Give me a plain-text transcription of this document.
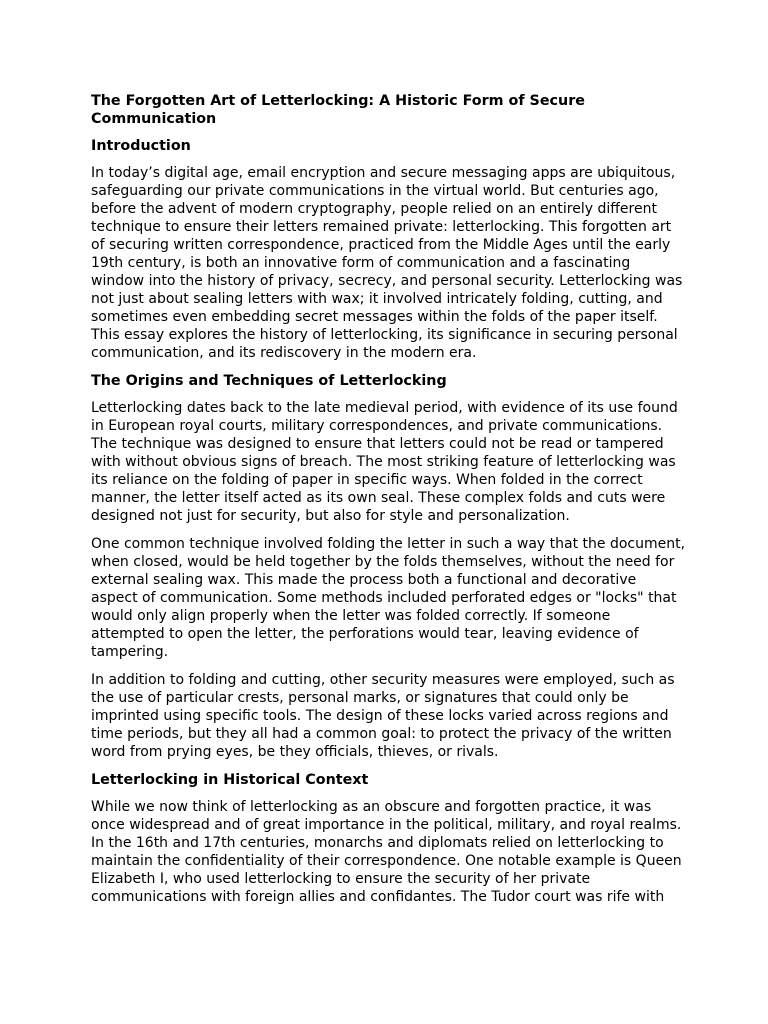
The Forgotten Art of Letterlocking: A Historic Form of Secure
Communication
Introduction

In today’s digital age, email encryption and secure messaging apps are ubiquitous,
safeguarding our private communications in the virtual world. But centuries ago,
before the advent of modern cryptography, people relied on an entirely different
technique to ensure their letters remained private: letterlocking. This forgotten art
of securing written correspondence, practiced from the Middle Ages until the early
19th century, is both an innovative form of communication and a fascinating
window into the history of privacy, secrecy, and personal security. Letterlocking was
not just about sealing letters with wax; it involved intricately folding, cutting, and
sometimes even embedding secret messages within the folds of the paper itself.
This essay explores the history of letterlocking, its significance in securing personal
communication, and its rediscovery in the modern era.

The Origins and Techniques of Letterlocking

Letterlocking dates back to the late medieval period, with evidence of its use found
in European royal courts, military correspondences, and private communications.
The technique was designed to ensure that letters could not be read or tampered
with without obvious signs of breach. The most striking feature of letterlocking was
its reliance on the folding of paper in specific ways. When folded in the correct
manner, the letter itself acted as its own seal. These complex folds and cuts were
designed not just for security, but also for style and personalization.

One common technique involved folding the letter in such a way that the document,
when closed, would be held together by the folds themselves, without the need for
external sealing wax. This made the process both a functional and decorative
aspect of communication. Some methods included perforated edges or "locks" that
would only align properly when the letter was folded correctly. If someone
attempted to open the letter, the perforations would tear, leaving evidence of
tampering.

In addition to folding and cutting, other security measures were employed, such as
the use of particular crests, personal marks, or signatures that could only be
imprinted using specific tools. The design of these locks varied across regions and
time periods, but they all had a common goal: to protect the privacy of the written
word from prying eyes, be they officials, thieves, or rivals.

Letterlocking in Historical Context

While we now think of letterlocking as an obscure and forgotten practice, it was
once widespread and of great importance in the political, military, and royal realms.
In the 16th and 17th centuries, monarchs and diplomats relied on letterlocking to
maintain the confidentiality of their correspondence. One notable example is Queen
Elizabeth I, who used letterlocking to ensure the security of her private
communications with foreign allies and confidantes. The Tudor court was rife with
